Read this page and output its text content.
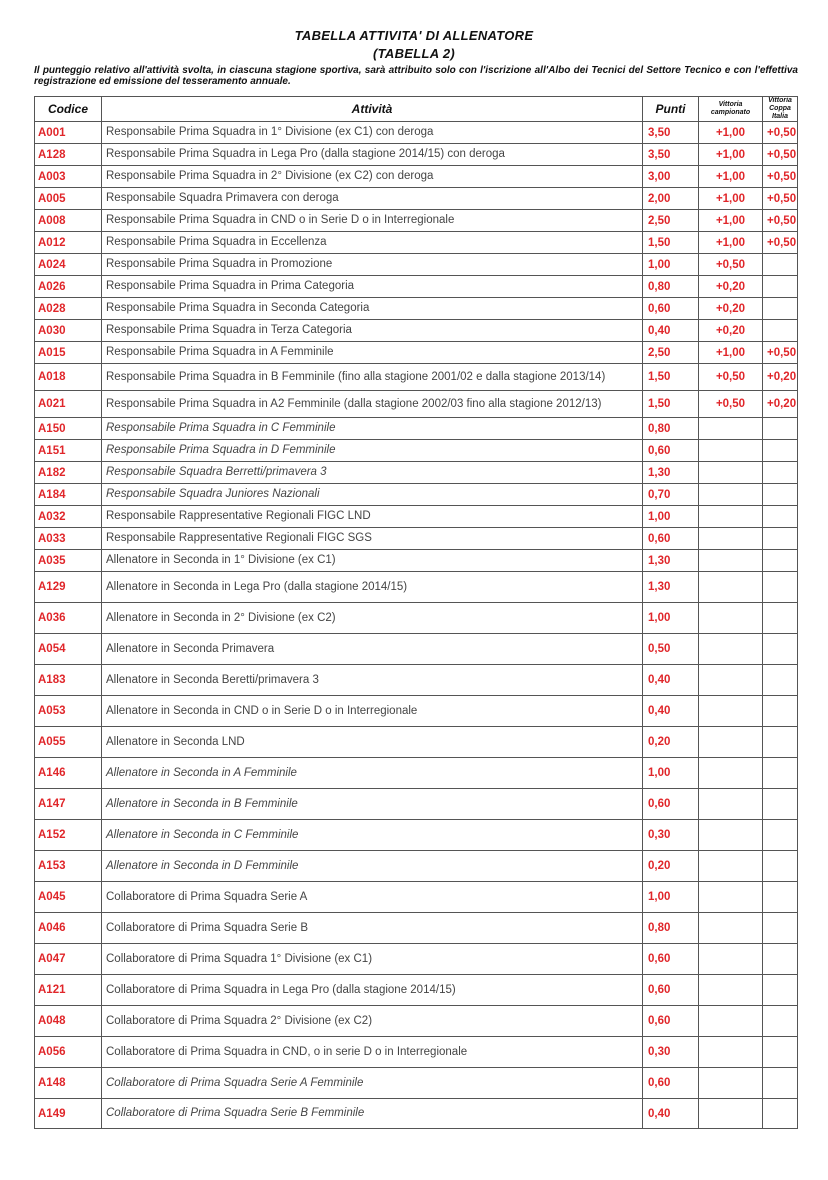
TABELLA ATTIVITA' DI ALLENATORE
(TABELLA 2)
Il punteggio relativo all'attività svolta, in ciascuna stagione sportiva, sarà attribuito solo con l'iscrizione all'Albo dei Tecnici del Settore Tecnico e con l'effettiva registrazione ed emissione del tesseramento annuale.
Codice	Attività	Punti	Vittoria campionato	Vittoria Coppa Italia
A001	Responsabile Prima Squadra in 1° Divisione (ex C1) con deroga	3,50	+1,00	+0,50
A128	Responsabile Prima Squadra in Lega Pro (dalla stagione 2014/15) con deroga	3,50	+1,00	+0,50
A003	Responsabile Prima Squadra in 2° Divisione (ex C2) con deroga	3,00	+1,00	+0,50
A005	Responsabile Squadra Primavera con deroga	2,00	+1,00	+0,50
A008	Responsabile Prima Squadra in CND o in Serie D o in Interregionale	2,50	+1,00	+0,50
A012	Responsabile Prima Squadra in Eccellenza	1,50	+1,00	+0,50
A024	Responsabile Prima Squadra in Promozione	1,00	+0,50	
A026	Responsabile Prima Squadra in Prima Categoria	0,80	+0,20	
A028	Responsabile Prima Squadra in Seconda Categoria	0,60	+0,20	
A030	Responsabile Prima Squadra in Terza Categoria	0,40	+0,20	
A015	Responsabile Prima Squadra in A Femminile	2,50	+1,00	+0,50
A018	Responsabile Prima Squadra in B Femminile (fino alla stagione 2001/02 e dalla stagione 2013/14)	1,50	+0,50	+0,20
A021	Responsabile Prima Squadra in A2 Femminile (dalla stagione 2002/03 fino alla stagione 2012/13)	1,50	+0,50	+0,20
A150	Responsabile Prima Squadra in C Femminile	0,80		
A151	Responsabile Prima Squadra in D Femminile	0,60		
A182	Responsabile Squadra Berretti/primavera 3	1,30		
A184	Responsabile Squadra Juniores Nazionali	0,70		
A032	Responsabile Rappresentative Regionali FIGC LND	1,00		
A033	Responsabile Rappresentative Regionali FIGC SGS	0,60		
A035	Allenatore in Seconda in 1° Divisione (ex C1)	1,30		
A129	Allenatore in Seconda in Lega Pro (dalla stagione 2014/15)	1,30		
A036	Allenatore in Seconda in 2° Divisione (ex C2)	1,00		
A054	Allenatore in Seconda Primavera	0,50		
A183	Allenatore in Seconda Beretti/primavera 3	0,40		
A053	Allenatore in Seconda in CND o in Serie D o in Interregionale	0,40		
A055	Allenatore in Seconda LND	0,20		
A146	Allenatore in Seconda in A Femminile	1,00		
A147	Allenatore in Seconda in B Femminile	0,60		
A152	Allenatore in Seconda in C Femminile	0,30		
A153	Allenatore in Seconda in D Femminile	0,20		
A045	Collaboratore di Prima Squadra Serie A	1,00		
A046	Collaboratore di Prima Squadra Serie B	0,80		
A047	Collaboratore di Prima Squadra 1° Divisione (ex C1)	0,60		
A121	Collaboratore di Prima Squadra in Lega Pro (dalla stagione 2014/15)	0,60		
A048	Collaboratore di Prima Squadra 2° Divisione (ex C2)	0,60		
A056	Collaboratore di Prima Squadra in CND, o in serie D o in Interregionale	0,30		
A148	Collaboratore di Prima Squadra Serie A Femminile	0,60		
A149	Collaboratore di Prima Squadra Serie B Femminile	0,40		
